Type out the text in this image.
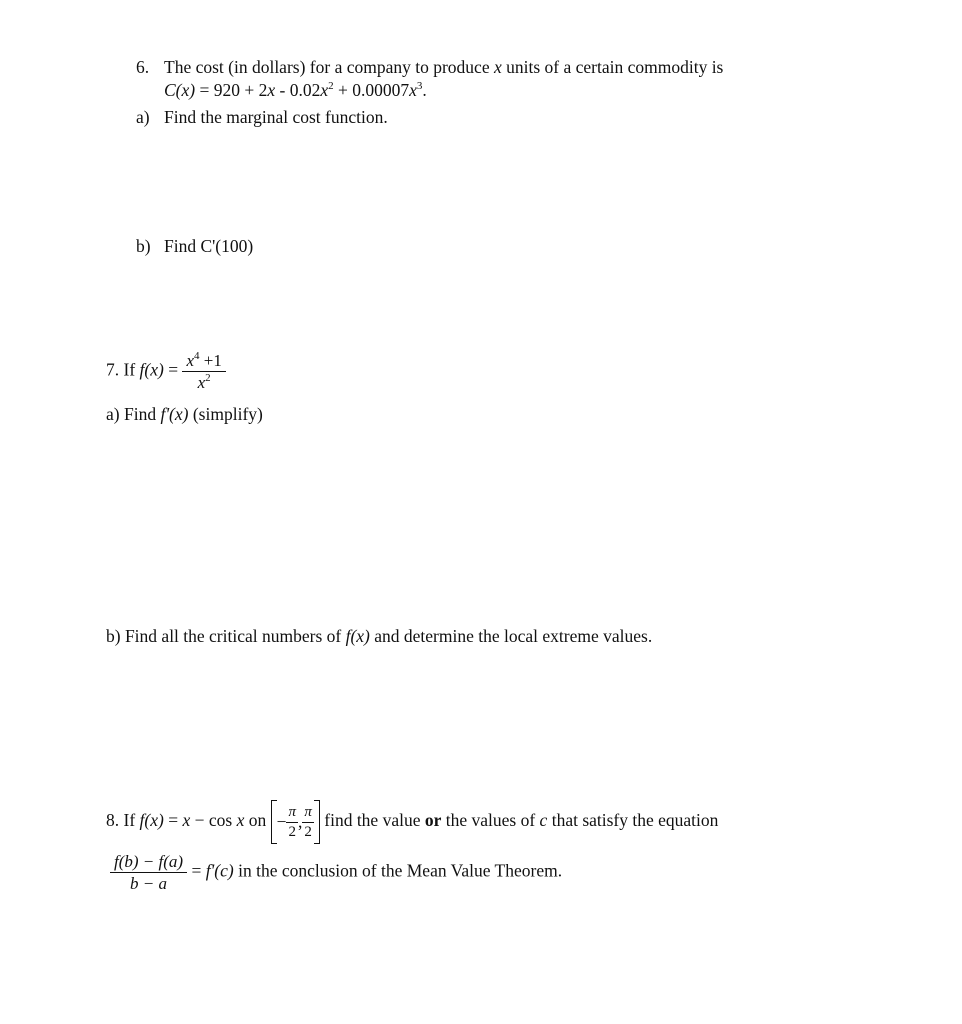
6. The cost (in dollars) for a company to produce x units of a certain commodity is
$C(x) = 920 + 2x - 0.02x^2 + 0.00007x^3$.
a) Find the marginal cost function.
b) Find C'(100)
7. If $f(x) = \frac{x^4 +1}{x^2}$
a) Find f'(x) (simplify)
b) Find all the critical numbers of f(x) and determine the local extreme values.
8. If f(x) = x − cos x on − $\frac{\pi}{2}$ , $\frac{\pi}{2}$ find the value or the values of c that satisfy the equation
$\frac{f(b) - f(a)}{b - a} = f'(c)$ in the conclusion of the Mean Value Theorem.
